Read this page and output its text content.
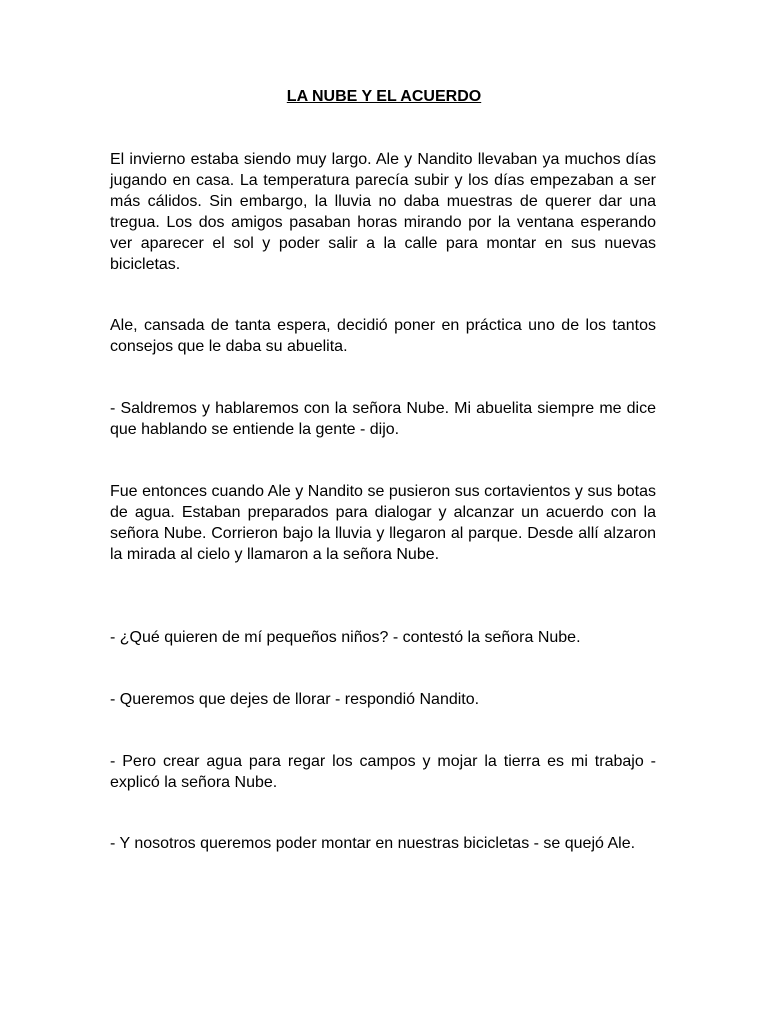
LA NUBE Y EL ACUERDO

El invierno estaba siendo muy largo. Ale y Nandito llevaban ya muchos días jugando en casa. La temperatura parecía subir y los días empezaban a ser más cálidos. Sin embargo, la lluvia no daba muestras de querer dar una tregua. Los dos amigos pasaban horas mirando por la ventana esperando ver aparecer el sol y poder salir a la calle para montar en sus nuevas bicicletas.

Ale, cansada de tanta espera, decidió poner en práctica uno de los tantos consejos que le daba su abuelita.

- Saldremos y hablaremos con la señora Nube. Mi abuelita siempre me dice que hablando se entiende la gente - dijo.

Fue entonces cuando Ale y Nandito se pusieron sus cortavientos y sus botas de agua. Estaban preparados para dialogar y alcanzar un acuerdo con la señora Nube. Corrieron bajo la lluvia y llegaron al parque. Desde allí alzaron la mirada al cielo y llamaron a la señora Nube.

- ¿Qué quieren de mí pequeños niños? - contestó la señora Nube.

- Queremos que dejes de llorar - respondió Nandito.

- Pero crear agua para regar los campos y mojar la tierra es mi trabajo - explicó la señora Nube.

- Y nosotros queremos poder montar en nuestras bicicletas - se quejó Ale.
